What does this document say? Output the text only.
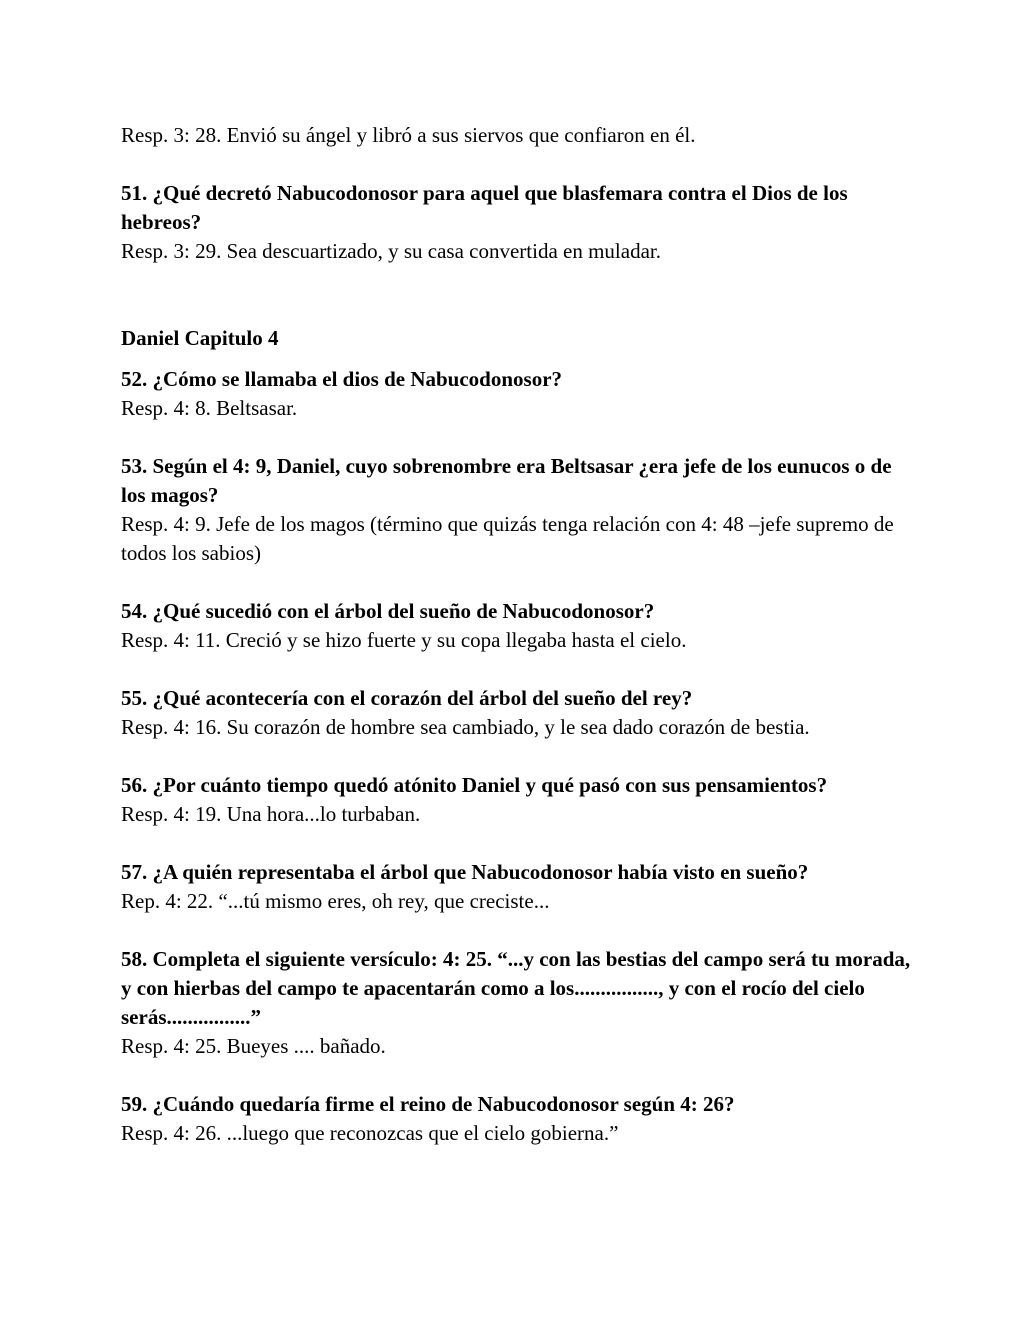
Resp. 3: 28. Envió su ángel y libró a sus siervos que confiaron en él.

51. ¿Qué decretó Nabucodonosor para aquel que blasfemara contra el Dios de los hebreos?

Resp. 3: 29. Sea descuartizado, y su casa convertida en muladar.

Daniel Capitulo 4

52. ¿Cómo se llamaba el dios de Nabucodonosor?

Resp. 4: 8. Beltsasar.

53. Según el 4: 9, Daniel, cuyo sobrenombre era Beltsasar ¿era jefe de los eunucos o de los magos?

Resp. 4: 9. Jefe de los magos (término que quizás tenga relación con 4: 48 –jefe supremo de todos los sabios)

54. ¿Qué sucedió con el árbol del sueño de Nabucodonosor?

Resp. 4: 11. Creció y se hizo fuerte y su copa llegaba hasta el cielo.

55. ¿Qué acontecería con el corazón del árbol del sueño del rey?

Resp. 4: 16. Su corazón de hombre sea cambiado, y le sea dado corazón de bestia.

56. ¿Por cuánto tiempo quedó atónito Daniel y qué pasó con sus pensamientos?

Resp. 4: 19. Una hora...lo turbaban.

57. ¿A quién representaba el árbol que Nabucodonosor había visto en sueño?

Rep. 4: 22. “...tú mismo eres, oh rey, que creciste...

58. Completa el siguiente versículo: 4: 25. “...y con las bestias del campo será tu morada, y con hierbas del campo te apacentarán como a los................, y con el rocío del cielo serás................”

Resp. 4: 25. Bueyes .... bañado.

59. ¿Cuándo quedaría firme el reino de Nabucodonosor según 4: 26?

Resp. 4: 26. ...luego que reconozcas que el cielo gobierna.”
